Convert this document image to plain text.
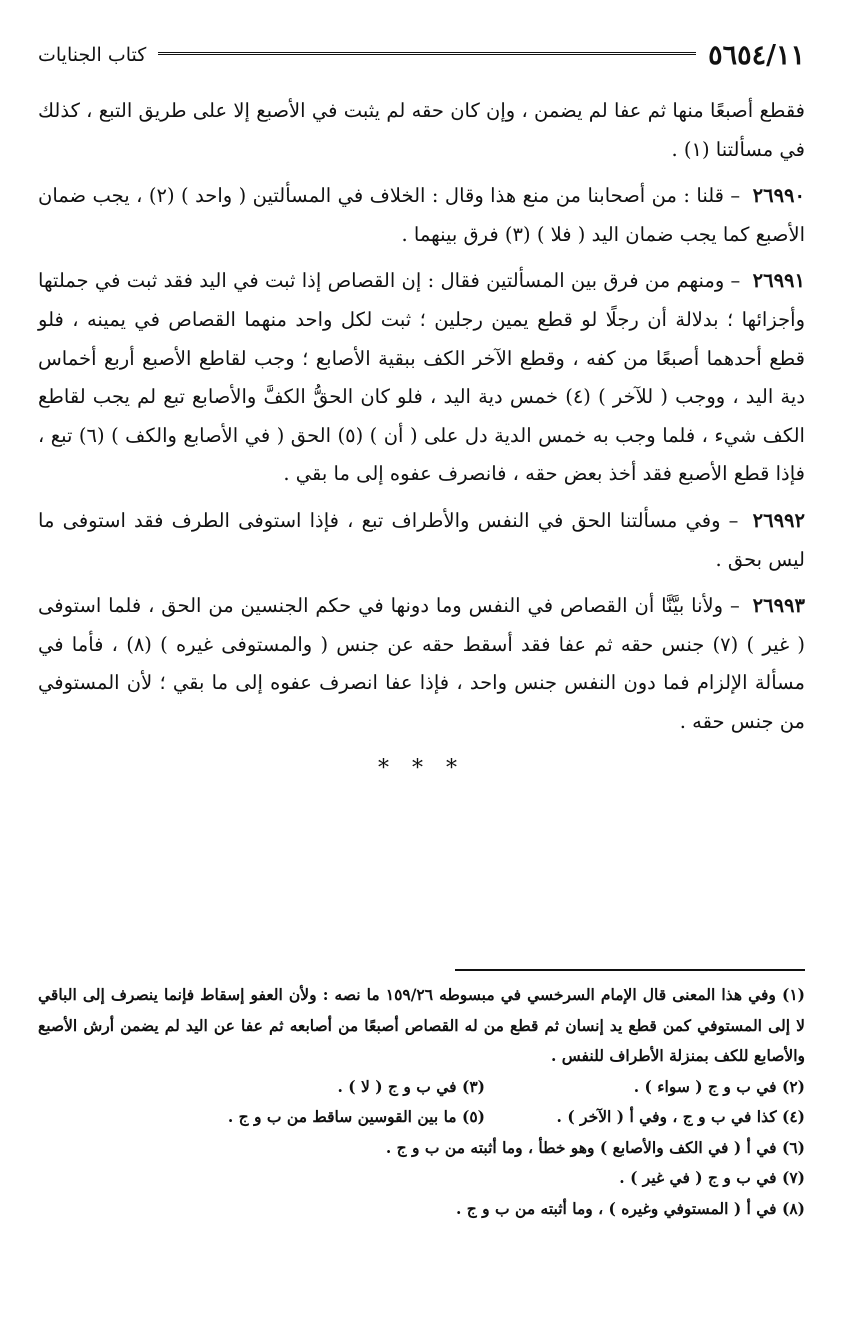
٥٦٥٤/١١
كتاب الجنايات

فقطع أصبعًا منها ثم عفا لم يضمن ، وإن كان حقه لم يثبت في الأصبع إلا على طريق التبع ، كذلك في مسألتنا (١) .

٢٦٩٩٠ – قلنا : من أصحابنا من منع هذا وقال : الخلاف في المسألتين ( واحد ) (٢) ، يجب ضمان الأصبع كما يجب ضمان اليد ( فلا ) (٣) فرق بينهما .

٢٦٩٩١ – ومنهم من فرق بين المسألتين فقال : إن القصاص إذا ثبت في اليد فقد ثبت في جملتها وأجزائها ؛ بدلالة أن رجلًا لو قطع يمين رجلين ؛ ثبت لكل واحد منهما القصاص في يمينه ، فلو قطع أحدهما أصبعًا من كفه ، وقطع الآخر الكف ببقية الأصابع ؛ وجب لقاطع الأصبع أربع أخماس دية اليد ، ووجب ( للآخر ) (٤) خمس دية اليد ، فلو كان الحقُّ الكفَّ والأصابع تبع لم يجب لقاطع الكف شيء ، فلما وجب به خمس الدية دل على ( أن ) (٥) الحق ( في الأصابع والكف ) (٦) تبع ، فإذا قطع الأصبع فقد أخذ بعض حقه ، فانصرف عفوه إلى ما بقي .

٢٦٩٩٢ – وفي مسألتنا الحق في النفس والأطراف تبع ، فإذا استوفى الطرف فقد استوفى ما ليس بحق .

٢٦٩٩٣ – ولأنا بيَّنَّا أن القصاص في النفس وما دونها في حكم الجنسين من الحق ، فلما استوفى ( غير ) (٧) جنس حقه ثم عفا فقد أسقط حقه عن جنس ( والمستوفى غيره ) (٨) ، فأما في مسألة الإلزام فما دون النفس جنس واحد ، فإذا عفا انصرف عفوه إلى ما بقي ؛ لأن المستوفي من جنس حقه .

* * *

(١) وفي هذا المعنى قال الإمام السرخسي في مبسوطه ١٥٩/٢٦ ما نصه : ولأن العفو إسقاط فإنما ينصرف إلى الباقي لا إلى المستوفي كمن قطع يد إنسان ثم قطع من له القصاص أصبعًا من أصابعه ثم عفا عن اليد لم يضمن أرش الأصبع والأصابع للكف بمنزلة الأطراف للنفس .

(٢) في ب و ج ( سواء ) .
(٣) في ب و ج ( لا ) .
(٤) كذا في ب و ج ، وفي أ ( الآخر ) .
(٥) ما بين القوسين ساقط من ب و ج .

(٦) في أ ( في الكف والأصابع ) وهو خطأ ، وما أثبته من ب و ج .

(٧) في ب و ج ( في غير ) .

(٨) في أ ( المستوفي وغيره ) ، وما أثبته من ب و ج .
